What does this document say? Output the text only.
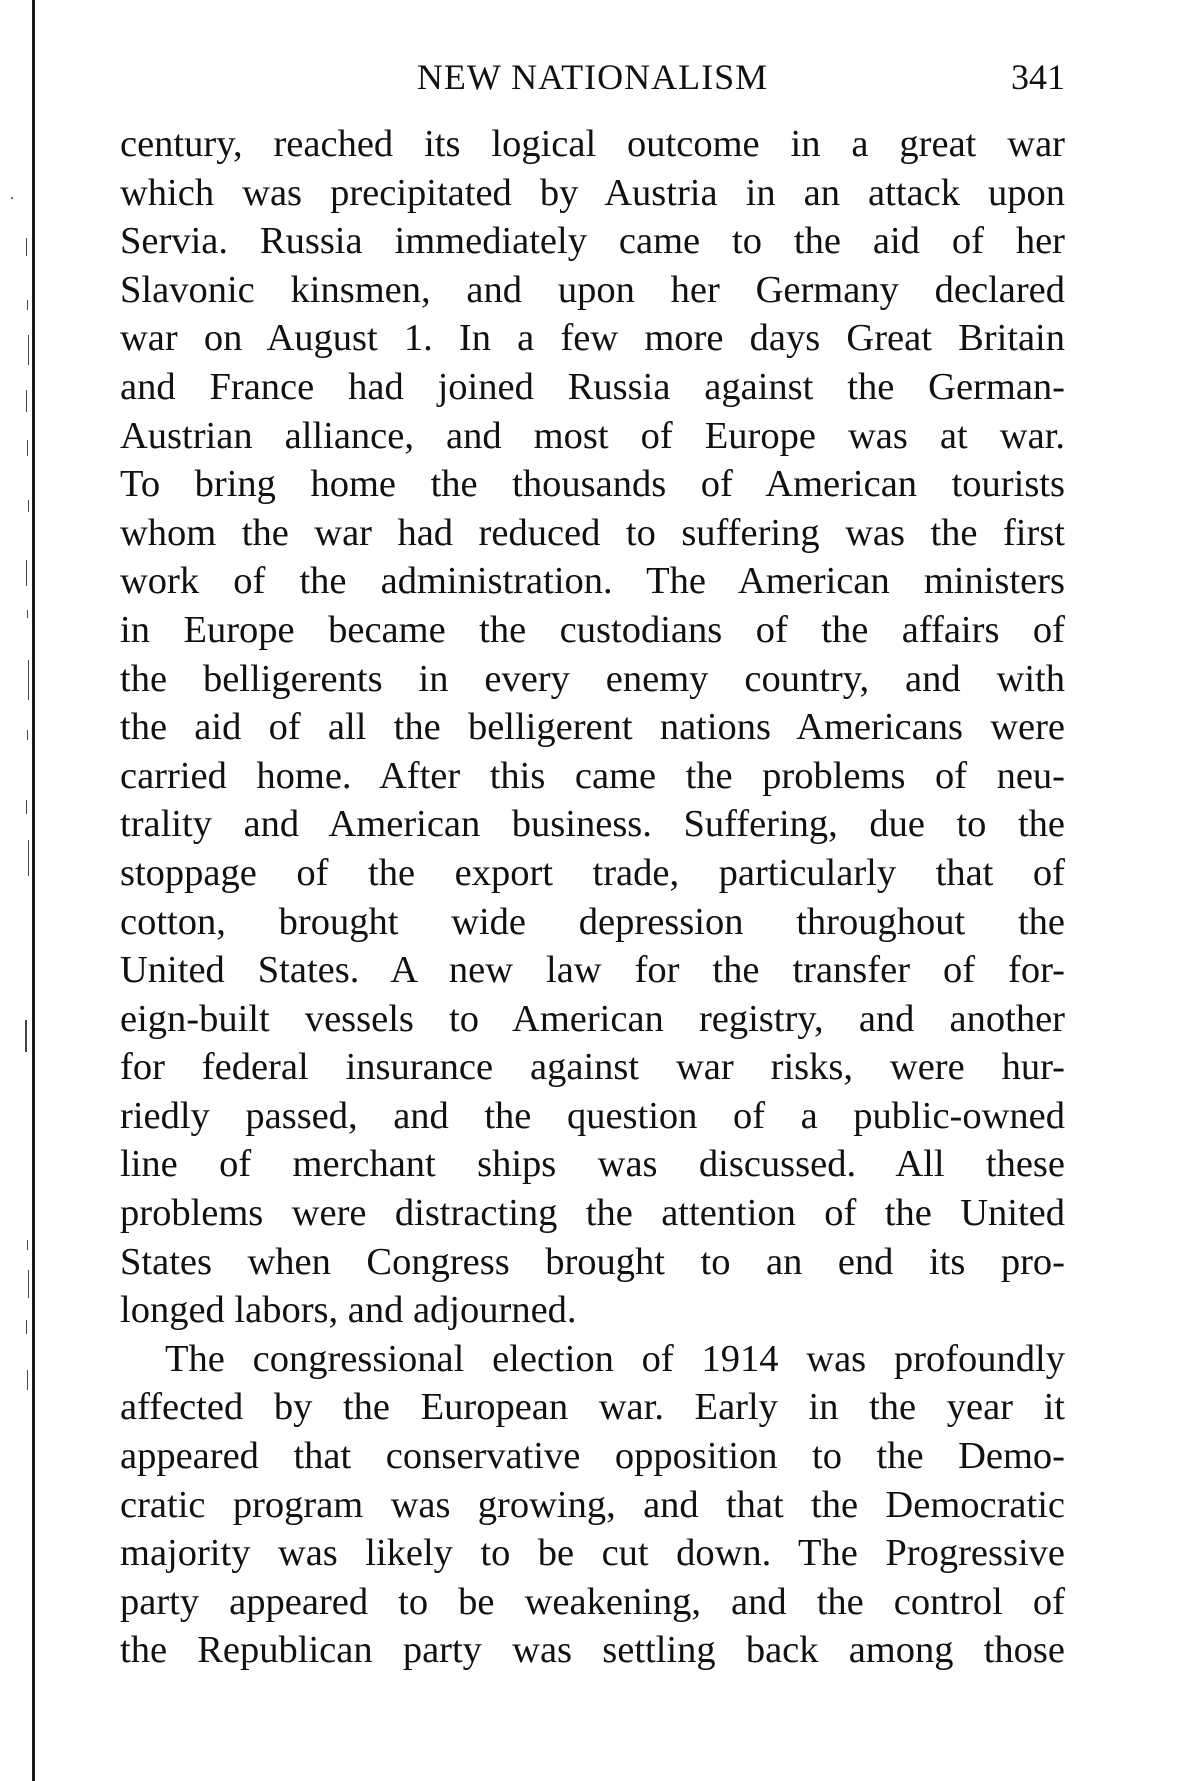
NEW NATIONALISM	341
century, reached its logical outcome in a great war
which was precipitated by Austria in an attack upon
Servia. Russia immediately came to the aid of her
Slavonic kinsmen, and upon her Germany declared
war on August 1. In a few more days Great Britain
and France had joined Russia against the German-
Austrian alliance, and most of Europe was at war.
To bring home the thousands of American tourists
whom the war had reduced to suffering was the first
work of the administration. The American ministers
in Europe became the custodians of the affairs of
the belligerents in every enemy country, and with
the aid of all the belligerent nations Americans were
carried home. After this came the problems of neu-
trality and American business. Suffering, due to the
stoppage of the export trade, particularly that of
cotton, brought wide depression throughout the
United States. A new law for the transfer of for-
eign-built vessels to American registry, and another
for federal insurance against war risks, were hur-
riedly passed, and the question of a public-owned
line of merchant ships was discussed. All these
problems were distracting the attention of the United
States when Congress brought to an end its pro-
longed labors, and adjourned.
The congressional election of 1914 was profoundly
affected by the European war. Early in the year it
appeared that conservative opposition to the Demo-
cratic program was growing, and that the Democratic
majority was likely to be cut down. The Progressive
party appeared to be weakening, and the control of
the Republican party was settling back among those
